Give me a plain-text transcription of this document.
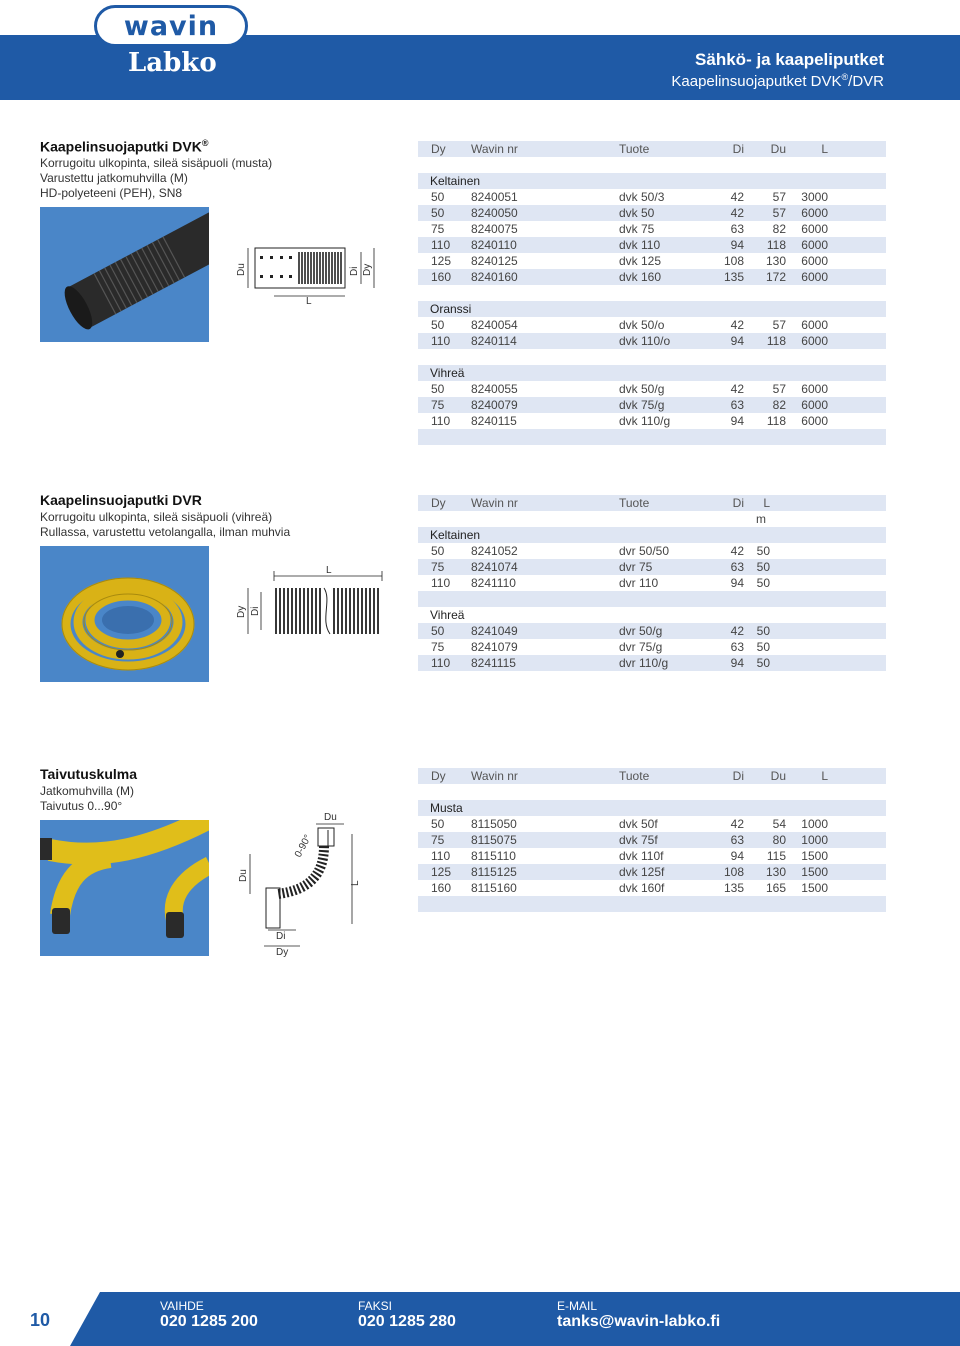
wavin
Labko	Sähkö- ja kaapeliputket
Kaapelinsuojaputket DVK®/DVR
Kaapelinsuojaputki DVK®
Korrugoitu ulkopinta, sileä sisäpuoli (musta)
Varustettu jatkomuhvilla (M)
HD-polyeteeni (PEH), SN8
Du	Di Dy
L
Dy Wavin nr	Tuote	Di	Du	L
Keltainen
50 8240051	dvk 50/3	42	57	3000
50 8240050	dvk 50	42	57	6000
75 8240075	dvk 75	63	82	6000
110 8240110	dvk 110	94	118	6000
125 8240125	dvk 125	108	130	6000
160 8240160	dvk 160	135	172	6000
Oranssi
50 8240054	dvk 50/o	42	57	6000
110 8240114	dvk 110/o	94	118	6000
Vihreä
50 8240055	dvk 50/g	42	57	6000
75 8240079	dvk 75/g	63	82	6000
110 8240115	dvk 110/g	94	118	6000
Kaapelinsuojaputki DVR
Korrugoitu ulkopinta, sileä sisäpuoli (vihreä)
Rullassa, varustettu vetolangalla, ilman muhvia
L
Dy Di
Dy Wavin nr	Tuote	Di	L
m
Keltainen
50 8241052	dvr 50/50	42	50
75 8241074	dvr 75	63	50
110 8241110	dvr 110	94	50
Vihreä
50 8241049	dvr 50/g	42	50
75 8241079	dvr 75/g	63	50
110 8241115	dvr 110/g	94	50
Taivutuskulma
Jatkomuhvilla (M)
Taivutus 0...90°
Du
Du
L
0-90°
Di
Dy
Dy Wavin nr	Tuote	Di	Du	L
Musta
50 8115050	dvk 50f	42	54	1000
75 8115075	dvk 75f	63	80	1000
110 8115110	dvk 110f	94	115	1500
125 8115125	dvk 125f	108	130	1500
160 8115160	dvk 160f	135	165	1500
10
VAIHDE
020 1285 200
FAKSI
020 1285 280
E-MAIL
tanks@wavin-labko.fi
